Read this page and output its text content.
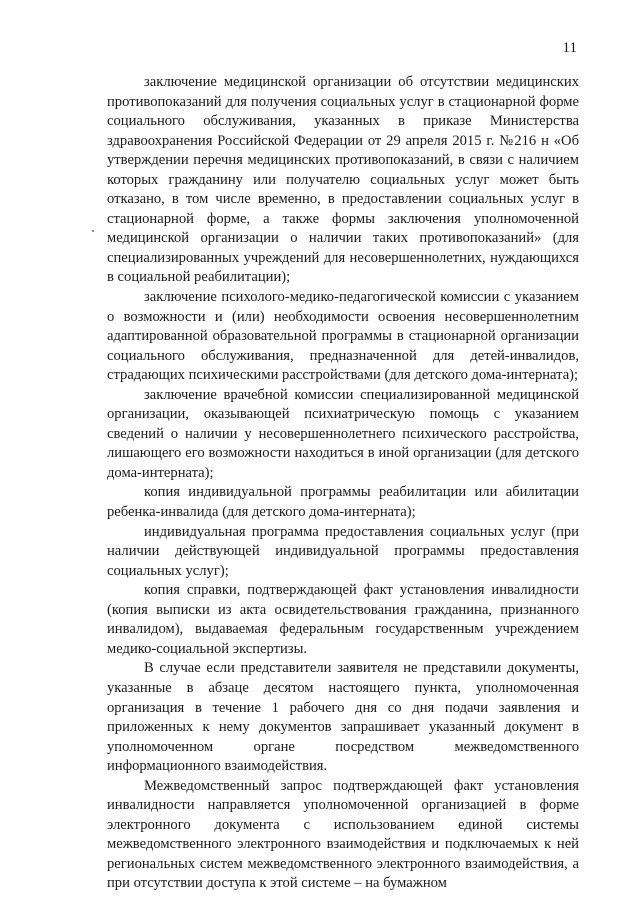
11

заключение медицинской организации об отсутствии медицинских противопоказаний для получения социальных услуг в стационарной форме социального обслуживания, указанных в приказе Министерства здравоохранения Российской Федерации от 29 апреля 2015 г. №216 н «Об утверждении перечня медицинских противопоказаний, в связи с наличием которых гражданину или получателю социальных услуг может быть отказано, в том числе временно, в предоставлении социальных услуг в стационарной форме, а также формы заключения уполномоченной медицинской организации о наличии таких противопоказаний» (для специализированных учреждений для несовершеннолетних, нуждающихся в социальной реабилитации);

заключение психолого-медико-педагогической комиссии с указанием о возможности и (или) необходимости освоения несовершеннолетним адаптированной образовательной программы в стационарной организации социального обслуживания, предназначенной для детей-инвалидов, страдающих психическими расстройствами (для детского дома-интерната);

заключение врачебной комиссии специализированной медицинской организации, оказывающей психиатрическую помощь с указанием сведений о наличии у несовершеннолетнего психического расстройства, лишающего его возможности находиться в иной организации (для детского дома-интерната);

копия индивидуальной программы реабилитации или абилитации ребенка-инвалида (для детского дома-интерната);

индивидуальная программа предоставления социальных услуг (при наличии действующей индивидуальной программы предоставления социальных услуг);

копия справки, подтверждающей факт установления инвалидности (копия выписки из акта освидетельствования гражданина, признанного инвалидом), выдаваемая федеральным государственным учреждением медико-социальной экспертизы.

В случае если представители заявителя не представили документы, указанные в абзаце десятом настоящего пункта, уполномоченная организация в течение 1 рабочего дня со дня подачи заявления и приложенных к нему документов запрашивает указанный документ в уполномоченном органе посредством межведомственного информационного взаимодействия.

Межведомственный запрос подтверждающей факт установления инвалидности направляется уполномоченной организацией в форме электронного документа с использованием единой системы межведомственного электронного взаимодействия и подключаемых к ней региональных систем межведомственного электронного взаимодействия, а при отсутствии доступа к этой системе – на бумажном
